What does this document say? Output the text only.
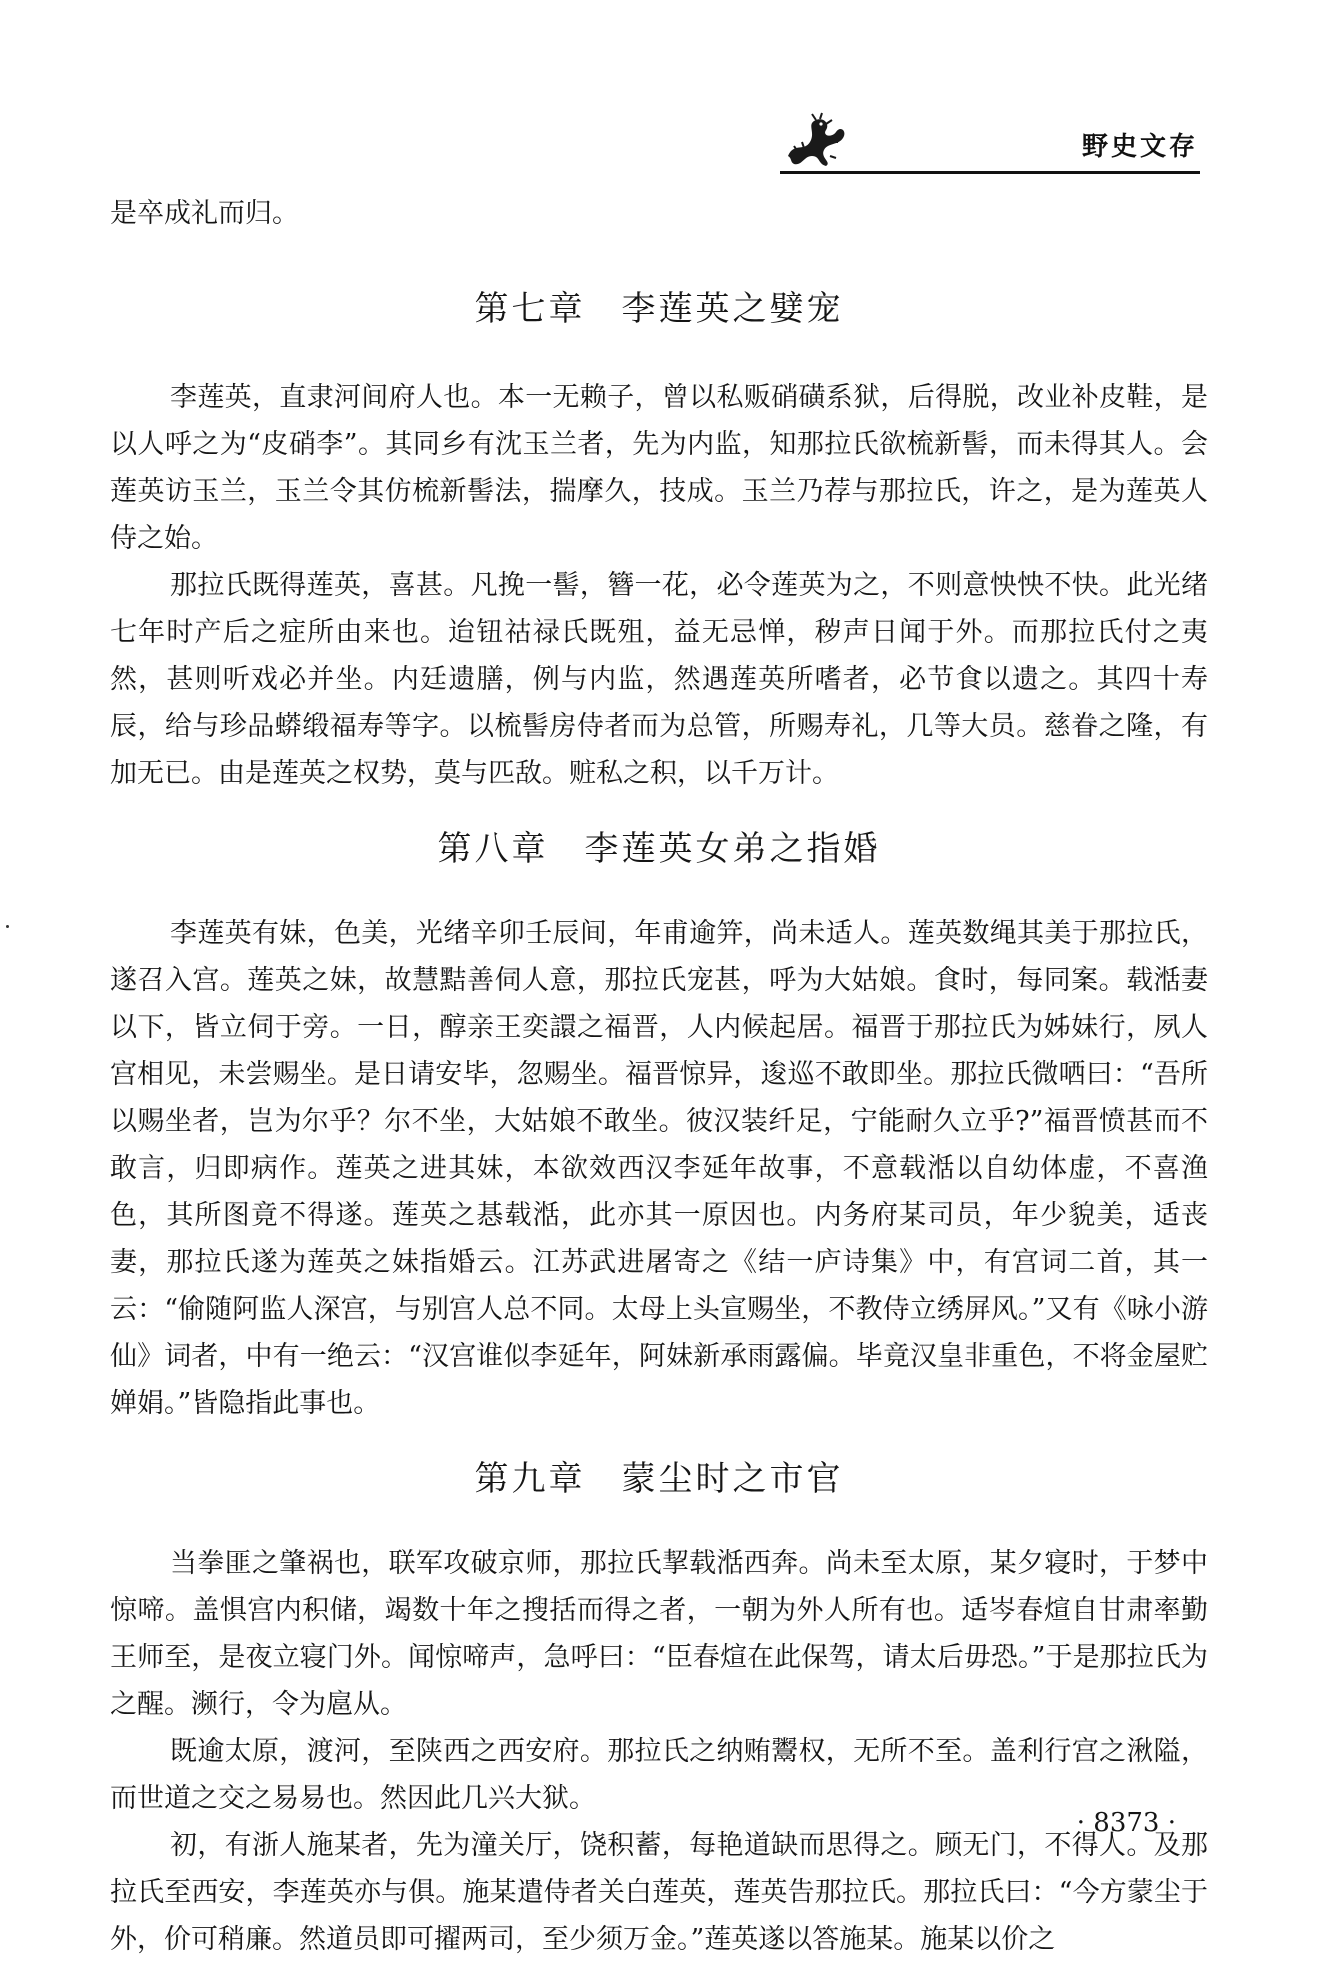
野史文存

是卒成礼而归。

第七章 李莲英之嬖宠

李莲英，直隶河间府人也。本一无赖子，曾以私贩硝磺系狱，后得脱，改业补皮鞋，是以人呼之为“皮硝李”。其同乡有沈玉兰者，先为内监，知那拉氏欲梳新髻，而未得其人。会莲英访玉兰，玉兰令其仿梳新髻法，揣摩久，技成。玉兰乃荐与那拉氏，许之，是为莲英人侍之始。

那拉氏既得莲英，喜甚。凡挽一髻，簪一花，必令莲英为之，不则意怏怏不快。此光绪七年时产后之症所由来也。迨钮祜禄氏既殂，益无忌惮，秽声日闻于外。而那拉氏付之夷然，甚则听戏必并坐。内廷遗膳，例与内监，然遇莲英所嗜者，必节食以遗之。其四十寿辰，给与珍品蟒缎福寿等字。以梳髻房侍者而为总管，所赐寿礼，几等大员。慈眷之隆，有加无已。由是莲英之权势，莫与匹敌。赃私之积，以千万计。

第八章 李莲英女弟之指婚

李莲英有妹，色美，光绪辛卯壬辰间，年甫逾笄，尚未适人。莲英数绳其美于那拉氏，遂召入宫。莲英之妹，故慧黠善伺人意，那拉氏宠甚，呼为大姑娘。食时，每同案。载湉妻以下，皆立伺于旁。一日，醇亲王奕譞之福晋，人内候起居。福晋于那拉氏为姊妹行，夙人宫相见，未尝赐坐。是日请安毕，忽赐坐。福晋惊异，逡巡不敢即坐。那拉氏微哂曰：“吾所以赐坐者，岂为尔乎？尔不坐，大姑娘不敢坐。彼汉装纤足，宁能耐久立乎?”福晋愤甚而不敢言，归即病作。莲英之进其妹，本欲效西汉李延年故事，不意载湉以自幼体虚，不喜渔色，其所图竟不得遂。莲英之惎载湉，此亦其一原因也。内务府某司员，年少貌美，适丧妻，那拉氏遂为莲英之妹指婚云。江苏武进屠寄之《结一庐诗集》中，有宫词二首，其一云：“偷随阿监人深宫，与别宫人总不同。太母上头宣赐坐，不教侍立绣屏风。”又有《咏小游仙》词者，中有一绝云：“汉宫谁似李延年，阿妹新承雨露偏。毕竟汉皇非重色，不将金屋贮婵娟。”皆隐指此事也。

第九章 蒙尘时之市官

当拳匪之肇祸也，联军攻破京师，那拉氏挈载湉西奔。尚未至太原，某夕寝时，于梦中惊啼。盖惧宫内积储，竭数十年之搜括而得之者，一朝为外人所有也。适岑春煊自甘肃率勤王师至，是夜立寝门外。闻惊啼声，急呼曰：“臣春煊在此保驾，请太后毋恐。”于是那拉氏为之醒。濒行，令为扈从。

既逾太原，渡河，至陕西之西安府。那拉氏之纳贿鬻权，无所不至。盖利行宫之湫隘，而世道之交之易易也。然因此几兴大狱。

初，有浙人施某者，先为潼关厅，饶积蓄，每艳道缺而思得之。顾无门，不得人。及那拉氏至西安，李莲英亦与俱。施某遣侍者关白莲英，莲英告那拉氏。那拉氏曰：“今方蒙尘于外，价可稍廉。然道员即可擢两司，至少须万金。”莲英遂以答施某。施某以价之

· 8373 ·
